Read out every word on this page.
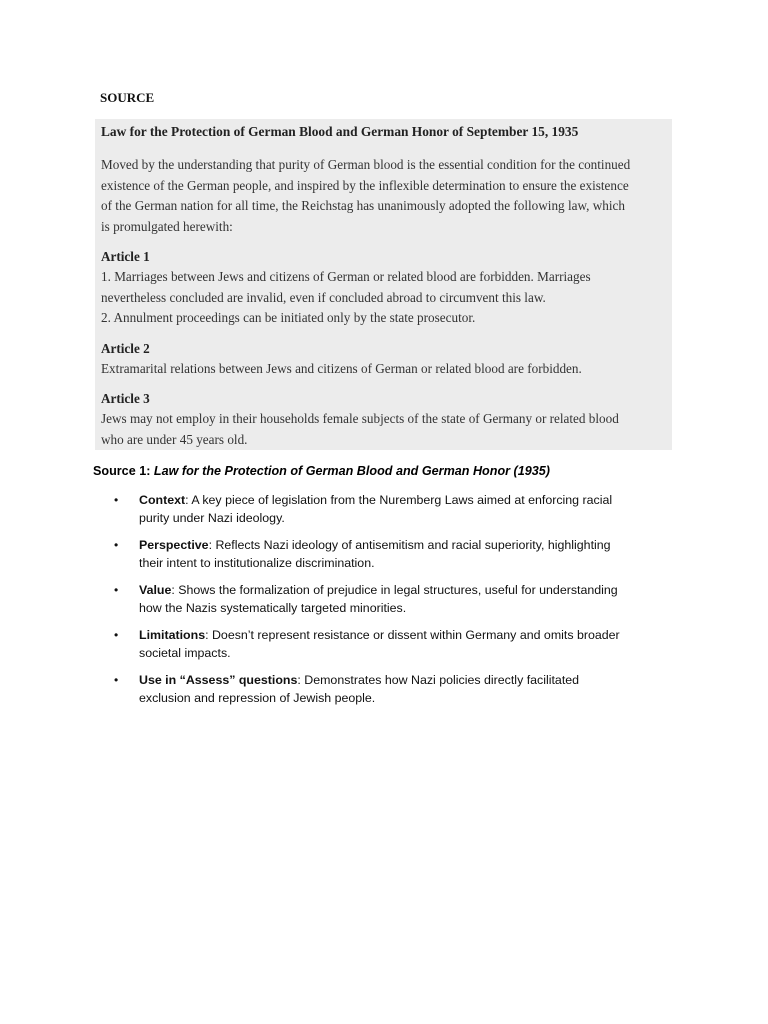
SOURCE

Law for the Protection of German Blood and German Honor of September 15, 1935

Moved by the understanding that purity of German blood is the essential condition for the continued

existence of the German people, and inspired by the inflexible determination to ensure the existence

of the German nation for all time, the Reichstag has unanimously adopted the following law, which

is promulgated herewith:

Article 1

1. Marriages between Jews and citizens of German or related blood are forbidden. Marriages

nevertheless concluded are invalid, even if concluded abroad to circumvent this law.

2. Annulment proceedings can be initiated only by the state prosecutor.

Article 2

Extramarital relations between Jews and citizens of German or related blood are forbidden.

Article 3

Jews may not employ in their households female subjects of the state of Germany or related blood

who are under 45 years old.

Source 1: Law for the Protection of German Blood and German Honor (1935)
• Context: A key piece of legislation from the Nuremberg Laws aimed at enforcing racial
purity under Nazi ideology.
• Perspective: Reflects Nazi ideology of antisemitism and racial superiority, highlighting
their intent to institutionalize discrimination.
• Value: Shows the formalization of prejudice in legal structures, useful for understanding
how the Nazis systematically targeted minorities.
• Limitations: Doesn’t represent resistance or dissent within Germany and omits broader
societal impacts.
• Use in “Assess” questions: Demonstrates how Nazi policies directly facilitated
exclusion and repression of Jewish people.
